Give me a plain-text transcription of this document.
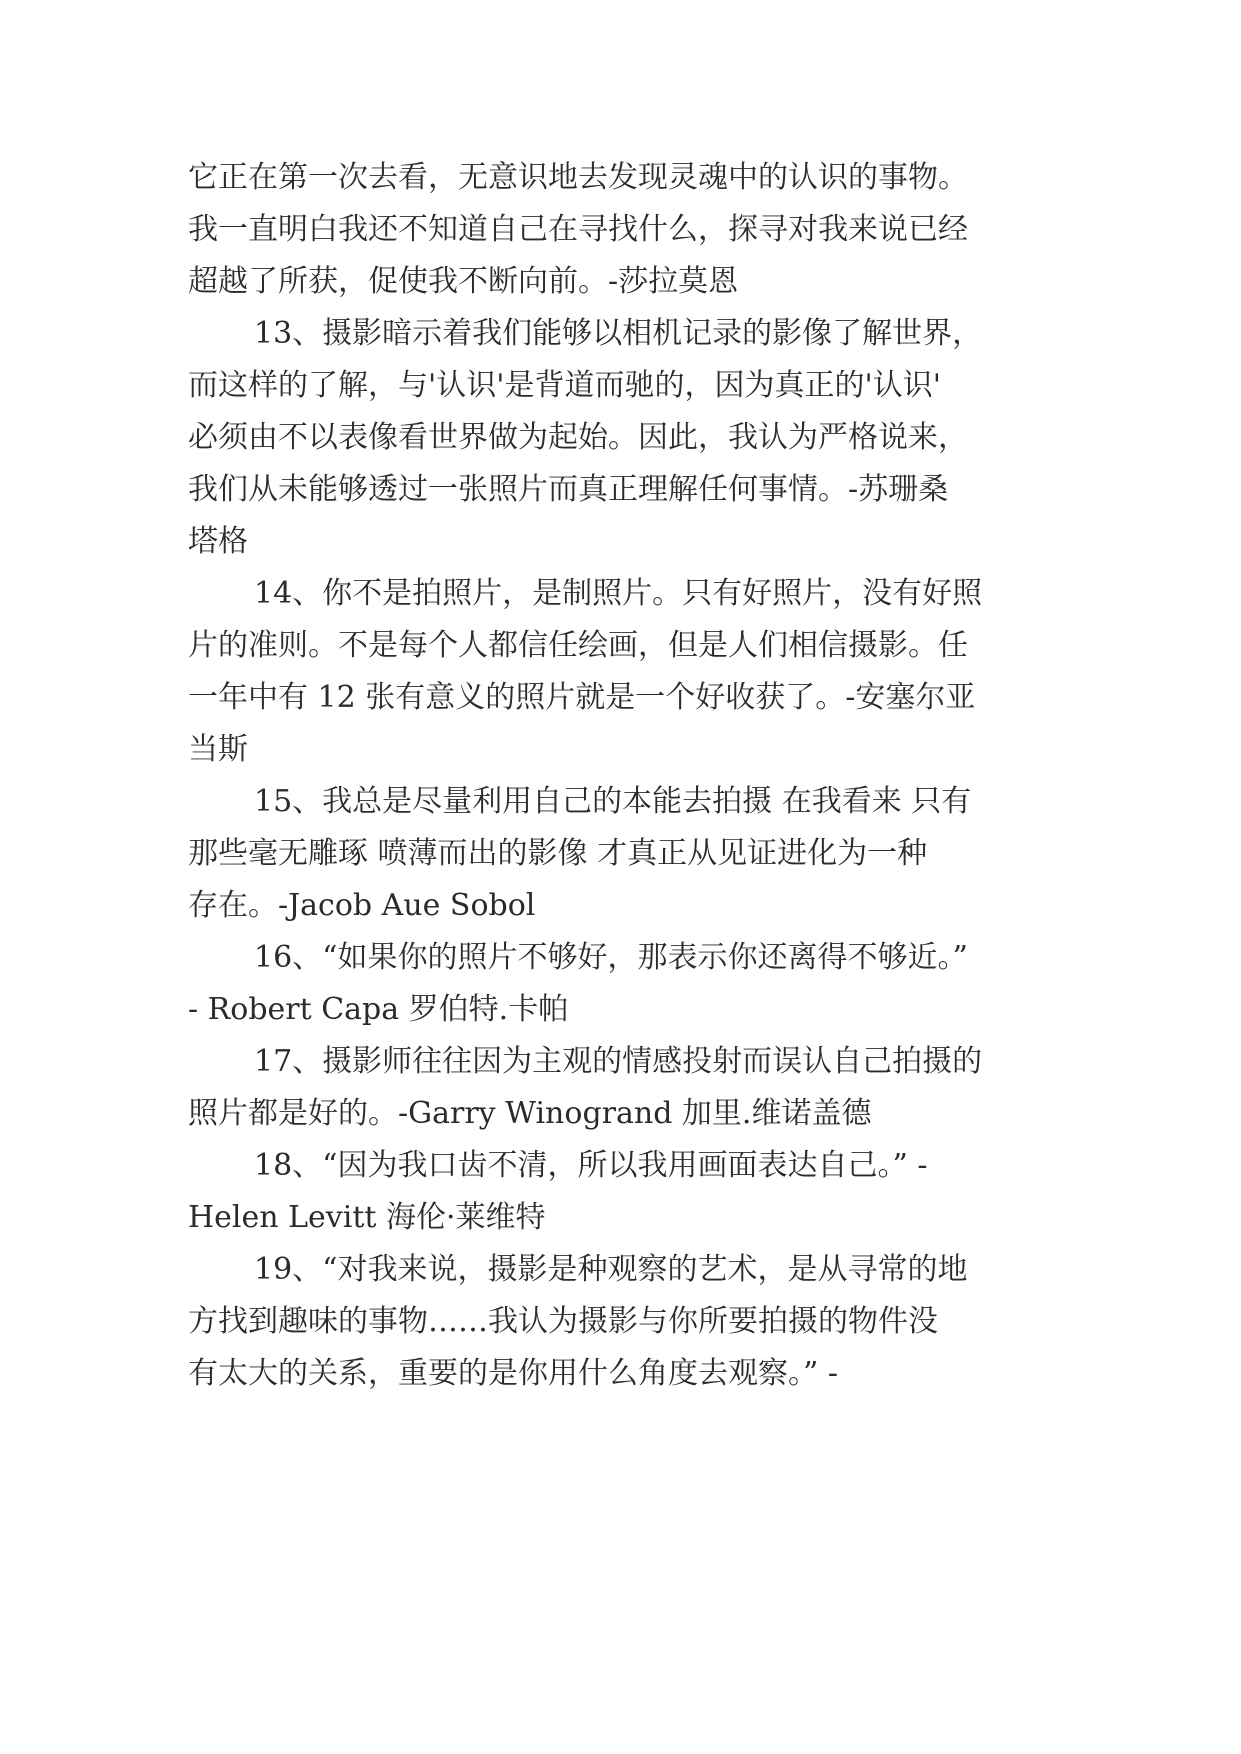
它正在第一次去看，无意识地去发现灵魂中的认识的事物。
我一直明白我还不知道自己在寻找什么，探寻对我来说已经
超越了所获，促使我不断向前。-莎拉莫恩
13、摄影暗示着我们能够以相机记录的影像了解世界，
而这样的了解，与'认识'是背道而驰的，因为真正的'认识'
必须由不以表像看世界做为起始。因此，我认为严格说来，
我们从未能够透过一张照片而真正理解任何事情。-苏珊桑
塔格
14、你不是拍照片，是制照片。只有好照片，没有好照
片的准则。不是每个人都信任绘画，但是人们相信摄影。任
一年中有 12 张有意义的照片就是一个好收获了。-安塞尔亚
当斯
15、我总是尽量利用自己的本能去拍摄 在我看来 只有
那些毫无雕琢 喷薄而出的影像 才真正从见证进化为一种
存在。-Jacob Aue Sobol
16、“如果你的照片不够好，那表示你还离得不够近。”
- Robert Capa 罗伯特.卡帕
17、摄影师往往因为主观的情感投射而误认自己拍摄的
照片都是好的。-Garry Winogrand 加里.维诺盖德
18、“因为我口齿不清，所以我用画面表达自己。” -
Helen Levitt 海伦·莱维特
19、“对我来说，摄影是种观察的艺术，是从寻常的地
方找到趣味的事物……我认为摄影与你所要拍摄的物件没
有太大的关系，重要的是你用什么角度去观察。” -
